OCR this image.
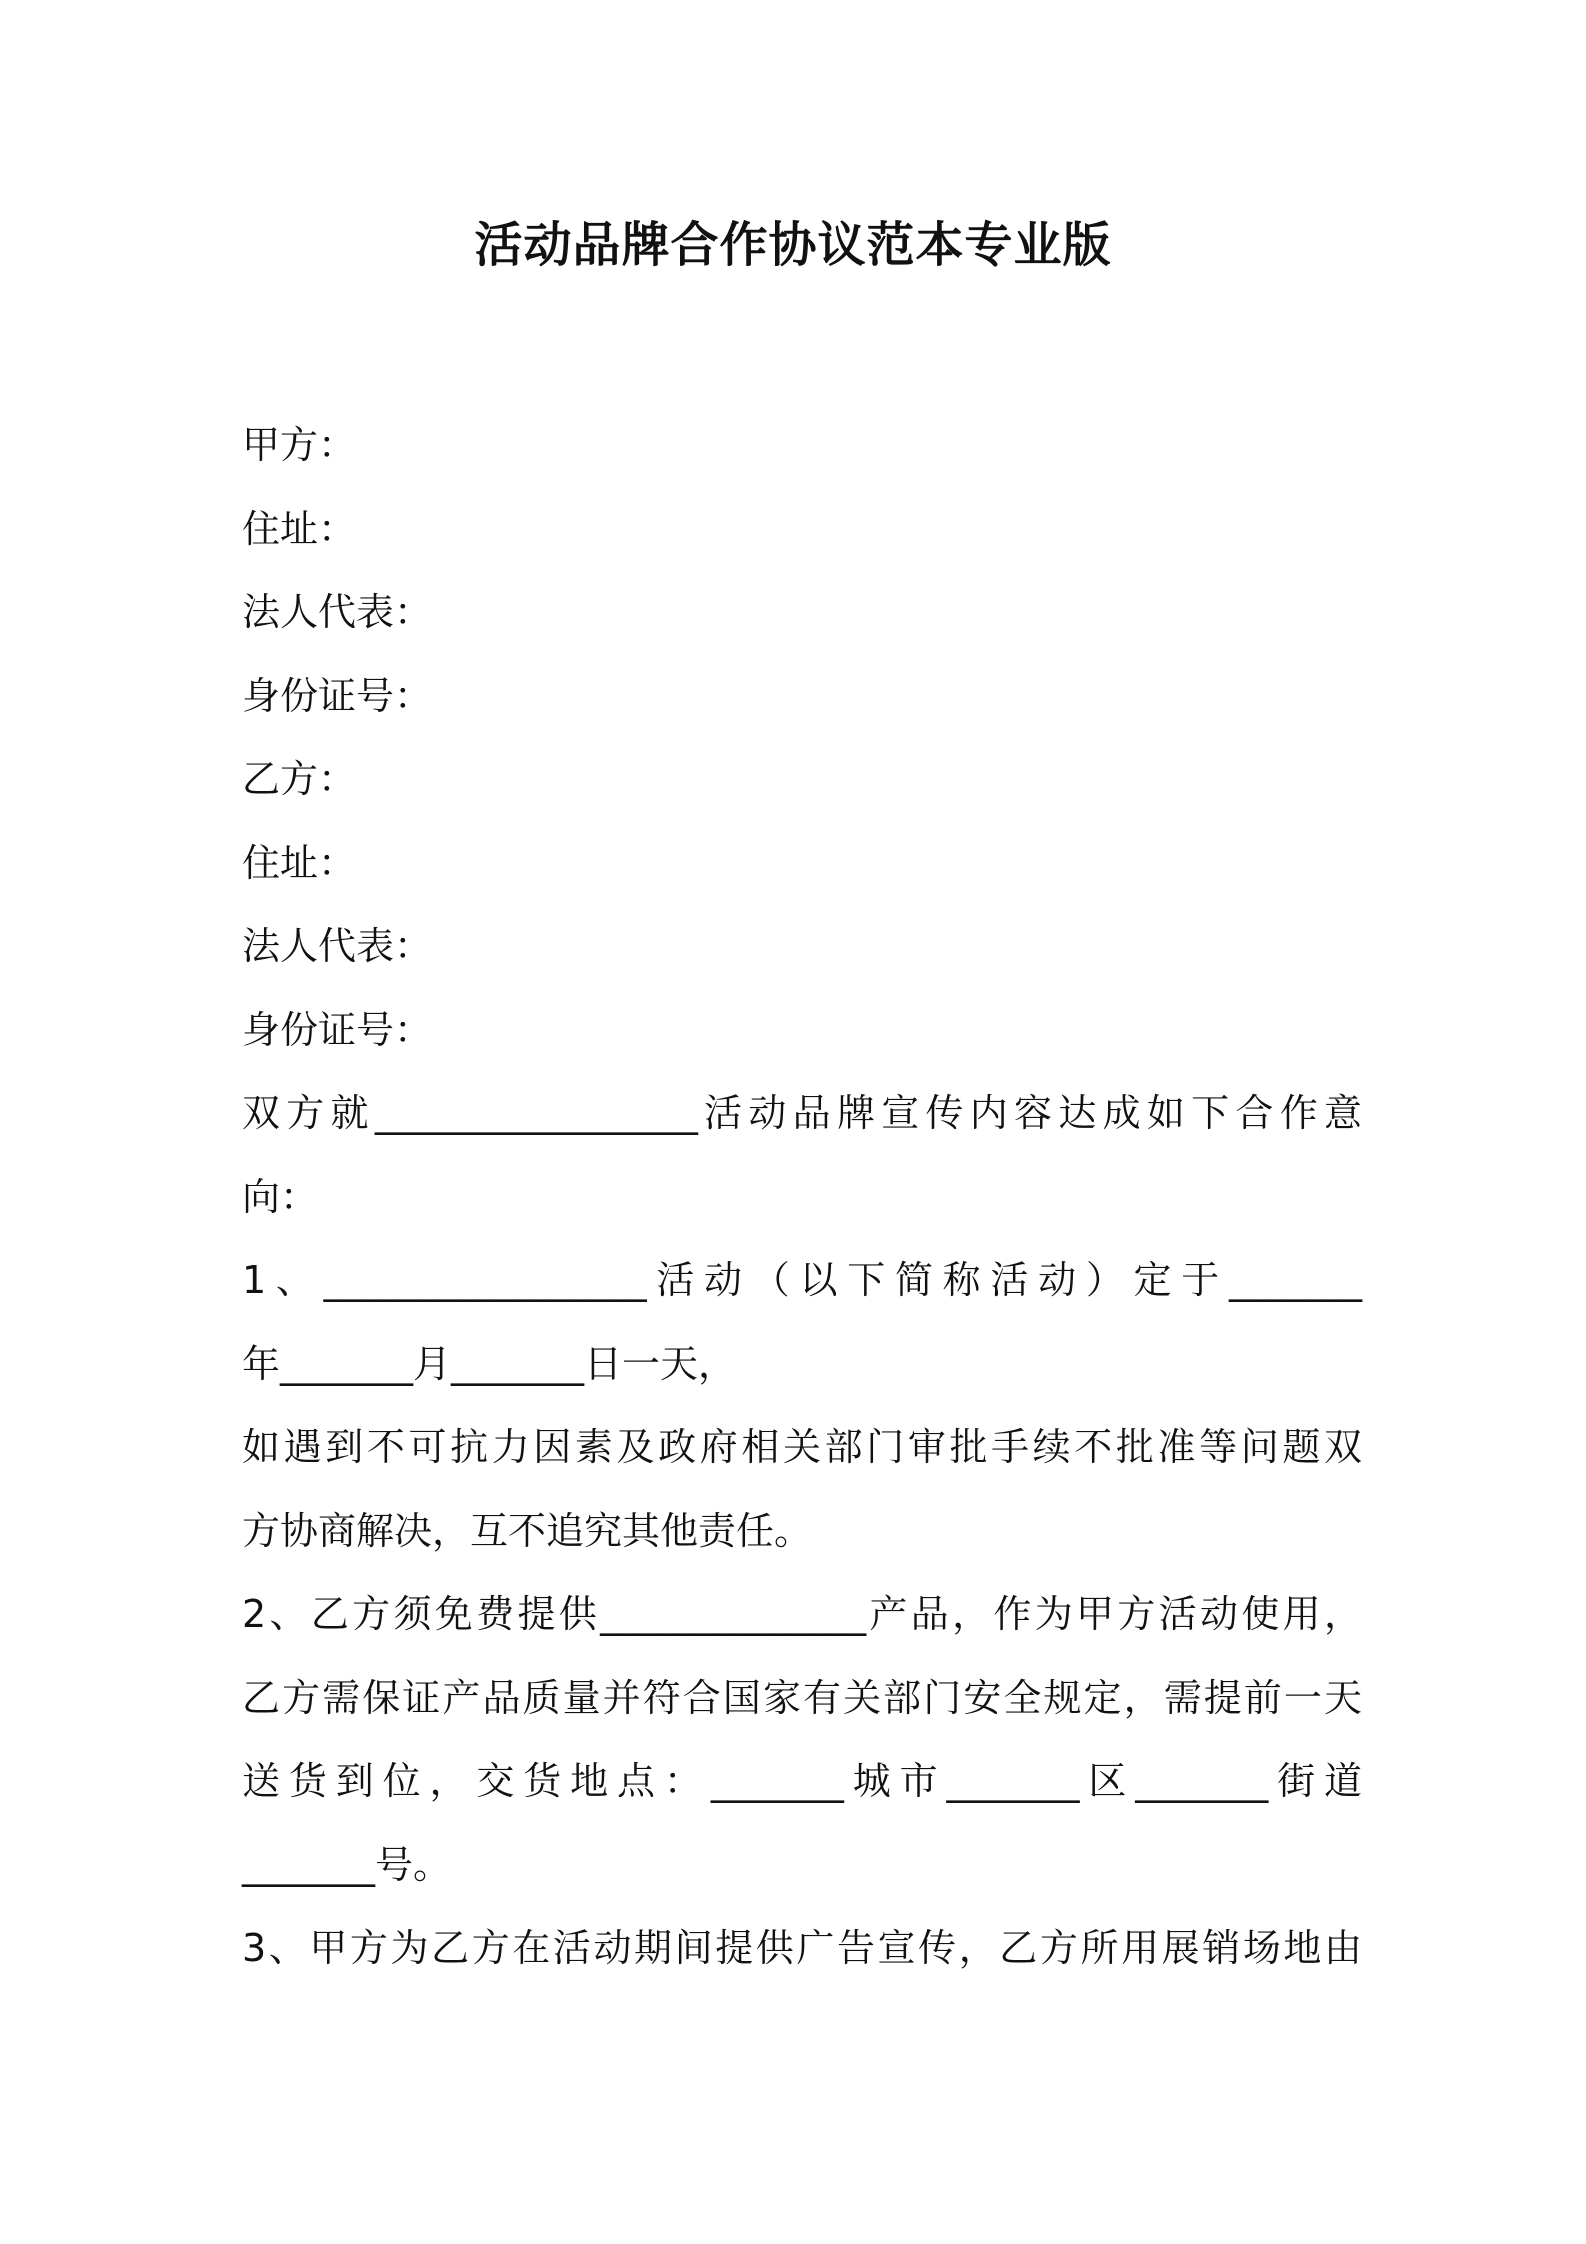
活动品牌合作协议范本专业版
甲方：
住址：
法人代表：
身份证号：
乙方：
住址：
法人代表：
身份证号：
双方就_________________活动品牌宣传内容达成如下合作意
向：
1、_________________活动（以下简称活动）定于_______
年_______月_______日一天，
如遇到不可抗力因素及政府相关部门审批手续不批准等问题双
方协商解决，互不追究其他责任。
2、乙方须免费提供______________产品，作为甲方活动使用，
乙方需保证产品质量并符合国家有关部门安全规定，需提前一天
送货到位，交货地点：_______城市_______区_______街道
_______号。
3、甲方为乙方在活动期间提供广告宣传，乙方所用展销场地由
